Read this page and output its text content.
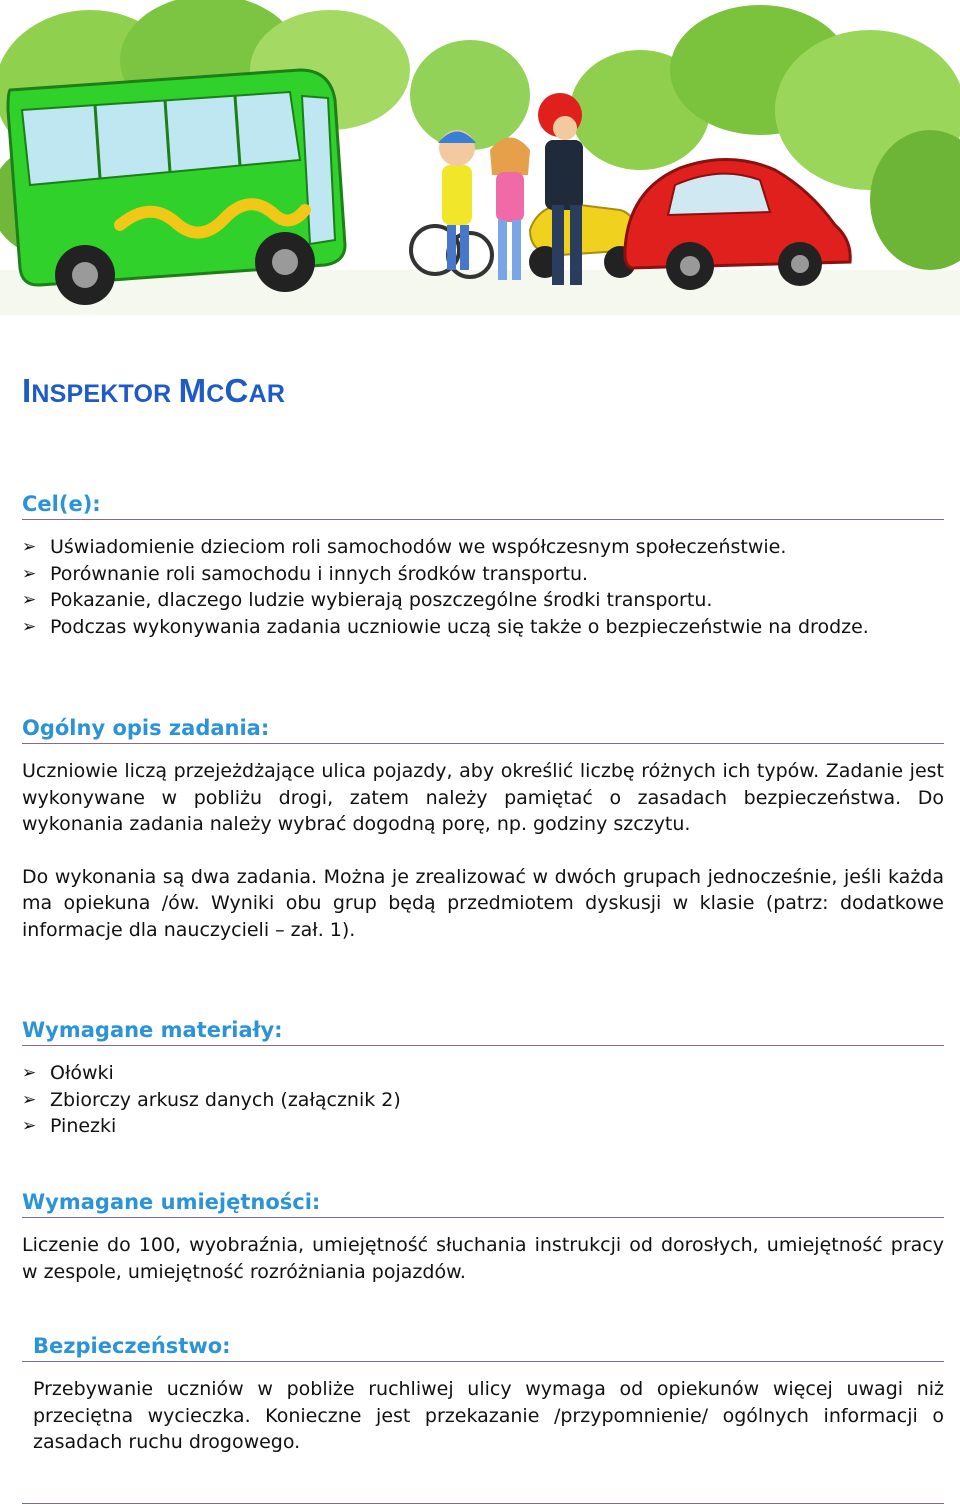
INSPEKTOR MCCAR
Cel(e):
➢ Uświadomienie dzieciom roli samochodów we współczesnym społeczeństwie.
➢ Porównanie roli samochodu i innych środków transportu.
➢ Pokazanie, dlaczego ludzie wybierają poszczególne środki transportu.
➢ Podczas wykonywania zadania uczniowie uczą się także o bezpieczeństwie na drodze.
Ogólny opis zadania:

Uczniowie liczą przejeżdżające ulica pojazdy, aby określić liczbę różnych ich typów. Zadanie jest wykonywane w pobliżu drogi, zatem należy pamiętać o zasadach bezpieczeństwa. Do wykonania zadania należy wybrać dogodną porę, np. godziny szczytu.

Do wykonania są dwa zadania. Można je zrealizować w dwóch grupach jednocześnie, jeśli każda ma opiekuna /ów. Wyniki obu grup będą przedmiotem dyskusji w klasie (patrz: dodatkowe informacje dla nauczycieli – zał. 1).

Wymagane materiały:
➢ Ołówki
➢ Zbiorczy arkusz danych (załącznik 2)
➢ Pinezki
Wymagane umiejętności:

Liczenie do 100, wyobraźnia, umiejętność słuchania instrukcji od dorosłych, umiejętność pracy w zespole, umiejętność rozróżniania pojazdów.

Bezpieczeństwo:

Przebywanie uczniów w pobliże ruchliwej ulicy wymaga od opiekunów więcej uwagi niż przeciętna wycieczka. Konieczne jest przekazanie /przypomnienie/ ogólnych informacji o zasadach ruchu drogowego.
